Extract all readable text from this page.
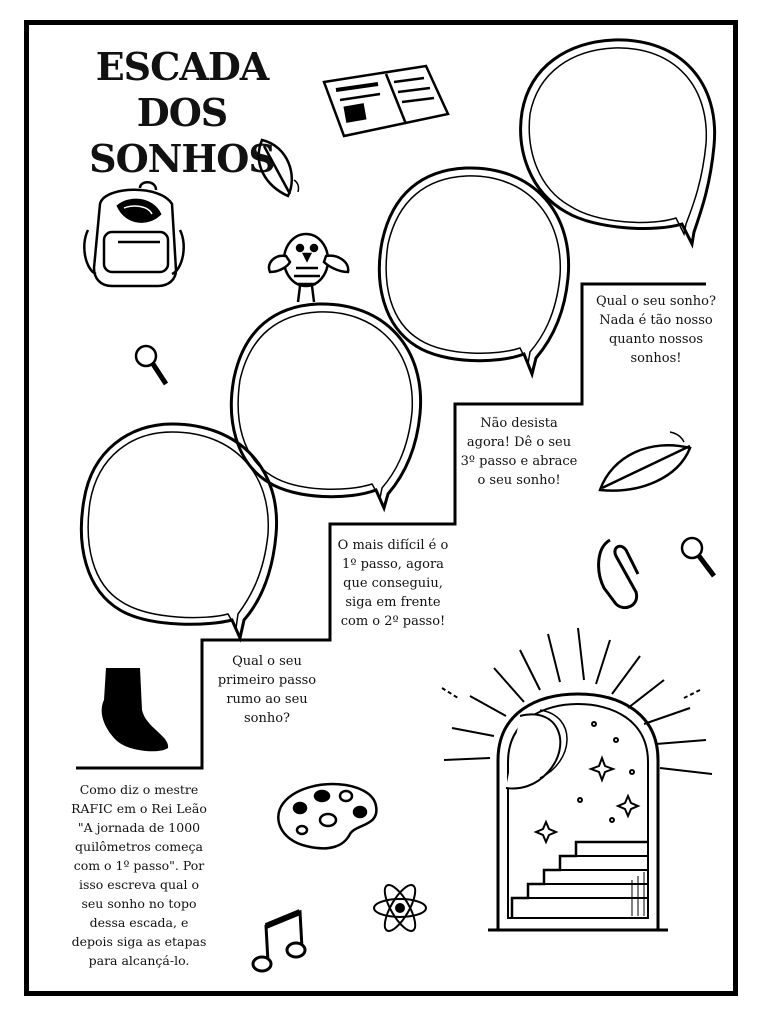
ESCADA DOS
SONHOS
Qual o seu primeiro passo rumo ao seu sonho?
O mais difícil é o 1º passo, agora que conseguiu, siga em frente com o 2º passo!
Não desista agora! Dê o seu 3º passo e abrace o seu sonho!
Qual o seu sonho? Nada é tão nosso quanto nossos sonhos!
Como diz o mestre RAFIC em o Rei Leão "A jornada de 1000 quilômetros começa com o 1º passo". Por isso escreva qual o seu sonho no topo dessa escada, e depois siga as etapas para alcançá-lo.
